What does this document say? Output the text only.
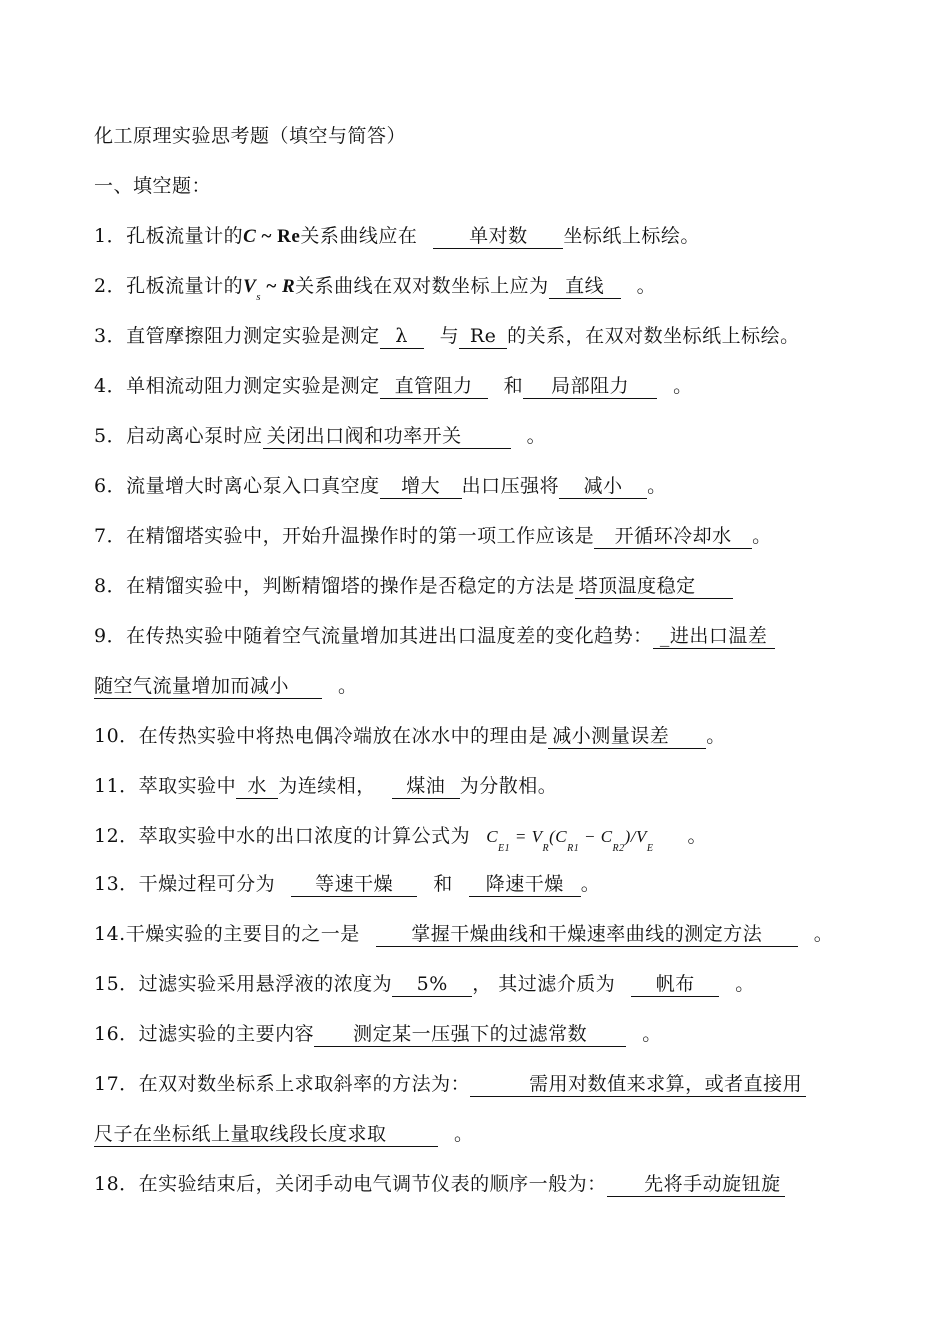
化工原理实验思考题（填空与简答）
一、填空题：
1．孔板流量计的C ~ Re关系曲线应在	单对数 坐标纸上标绘。
2．孔板流量计的$V_s$ ~ R关系曲线在双对数坐标上应为 直线 。
3．直管摩擦阻力测定实验是测定 λ 与 Re 的关系，在双对数坐标纸上标绘。
4．单相流动阻力测定实验是测定 直管阻力 和 局部阻力 。
5．启动离心泵时应 关闭出口阀和功率开关	。
6．流量增大时离心泵入口真空度 增大 出口压强将 减小 。
7．在精馏塔实验中，开始升温操作时的第一项工作应该是 开循环冷却水 。
8．在精馏实验中，判断精馏塔的操作是否稳定的方法是 塔顶温度稳定
9．在传热实验中随着空气流量增加其进出口温度差的变化趋势： _进出口温差
随空气流量增加而减小	。
10．在传热实验中将热电偶冷端放在冰水中的理由是 减小测量误差 。
11．萃取实验中 水 为连续相， 煤油 为分散相。
12．萃取实验中水的出口浓度的计算公式为 $C_{E1} = V_R(C_{R1} - C_{R2})/V_E$。
13．干燥过程可分为 等速干燥 和 降速干燥 。
14.干燥实验的主要目的之一是	掌握干燥曲线和干燥速率曲线的测定方法	。
15．过滤实验采用悬浮液的浓度为 5% ， 其过滤介质为 帆布 。
16．过滤实验的主要内容 测定某一压强下的过滤常数	。
17．在双对数坐标系上求取斜率的方法为：	需用对数值来求算，或者直接用
尺子在坐标纸上量取线段长度求取	。
18．在实验结束后，关闭手动电气调节仪表的顺序一般为： 先将手动旋钮旋
